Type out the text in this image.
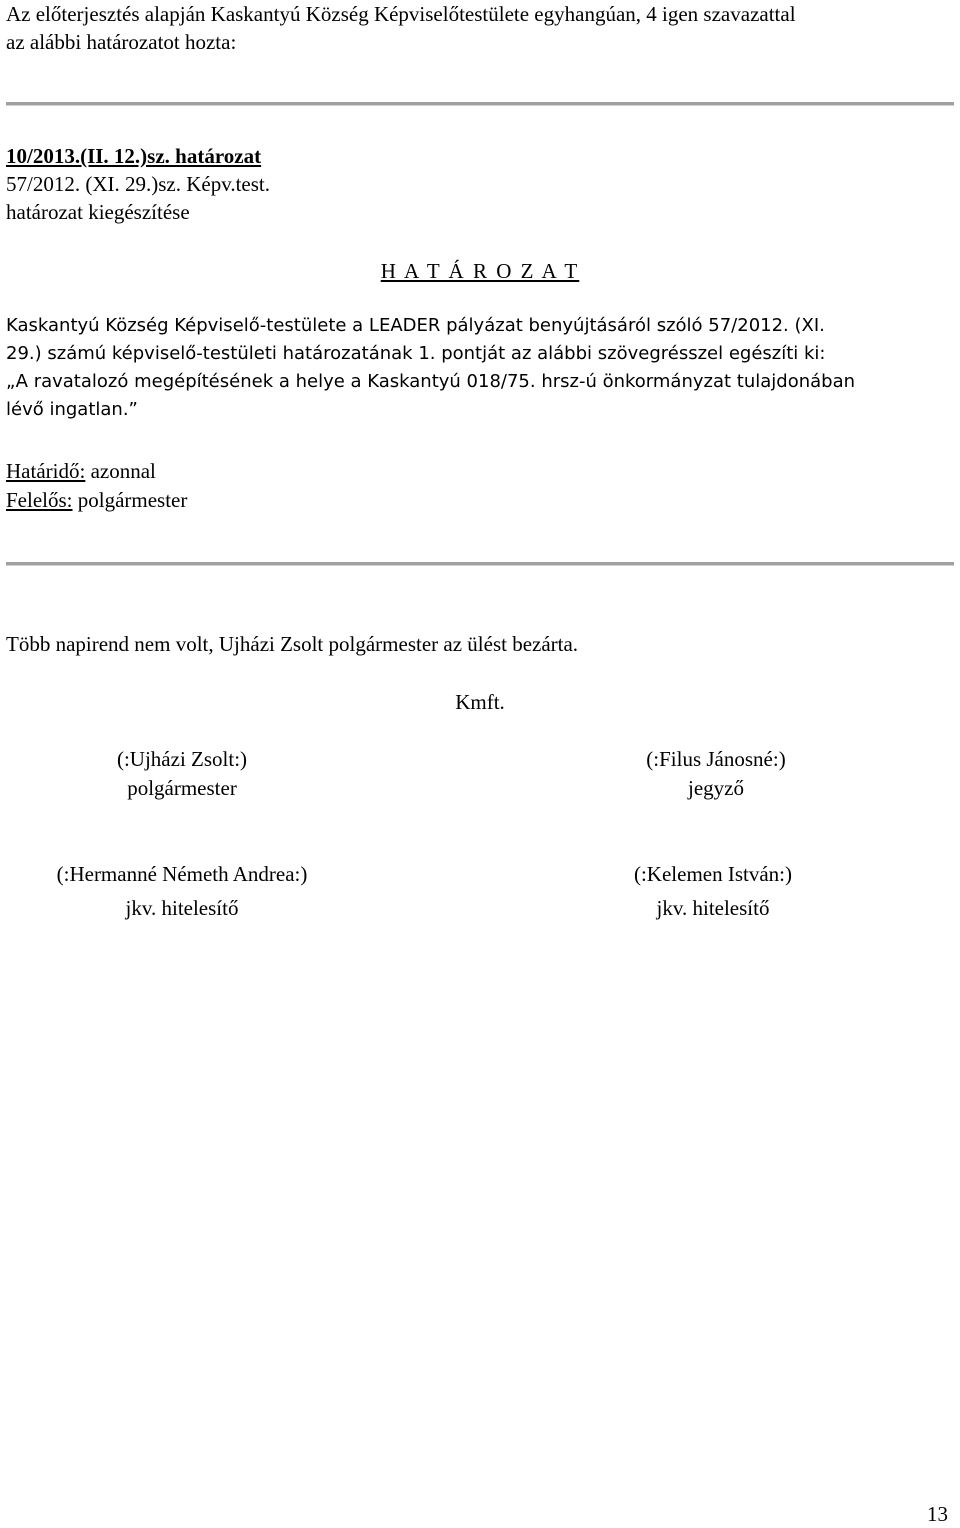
Az előterjesztés alapján Kaskantyú Község Képviselőtestülete egyhangúan, 4 igen szavazattal
az alábbi határozatot hozta:
10/2013.(II. 12.)sz. határozat
57/2012. (XI. 29.)sz. Képv.test.
határozat kiegészítése
H A T Á R O Z A T
Kaskantyú Község Képviselő-testülete a LEADER pályázat benyújtásáról szóló 57/2012. (XI.
29.) számú képviselő-testületi határozatának 1. pontját az alábbi szövegrésszel egészíti ki:
„A ravatalozó megépítésének a helye a Kaskantyú 018/75. hrsz-ú önkormányzat tulajdonában
lévő ingatlan.”
Határidő: azonnal
Felelős: polgármester
Több napirend nem volt, Ujházi Zsolt polgármester az ülést bezárta.
Kmft.
(:Ujházi Zsolt:)
polgármester
(:Filus Jánosné:)
jegyző
(:Hermanné Németh Andrea:)
jkv. hitelesítő
(:Kelemen István:)
jkv. hitelesítő
13
